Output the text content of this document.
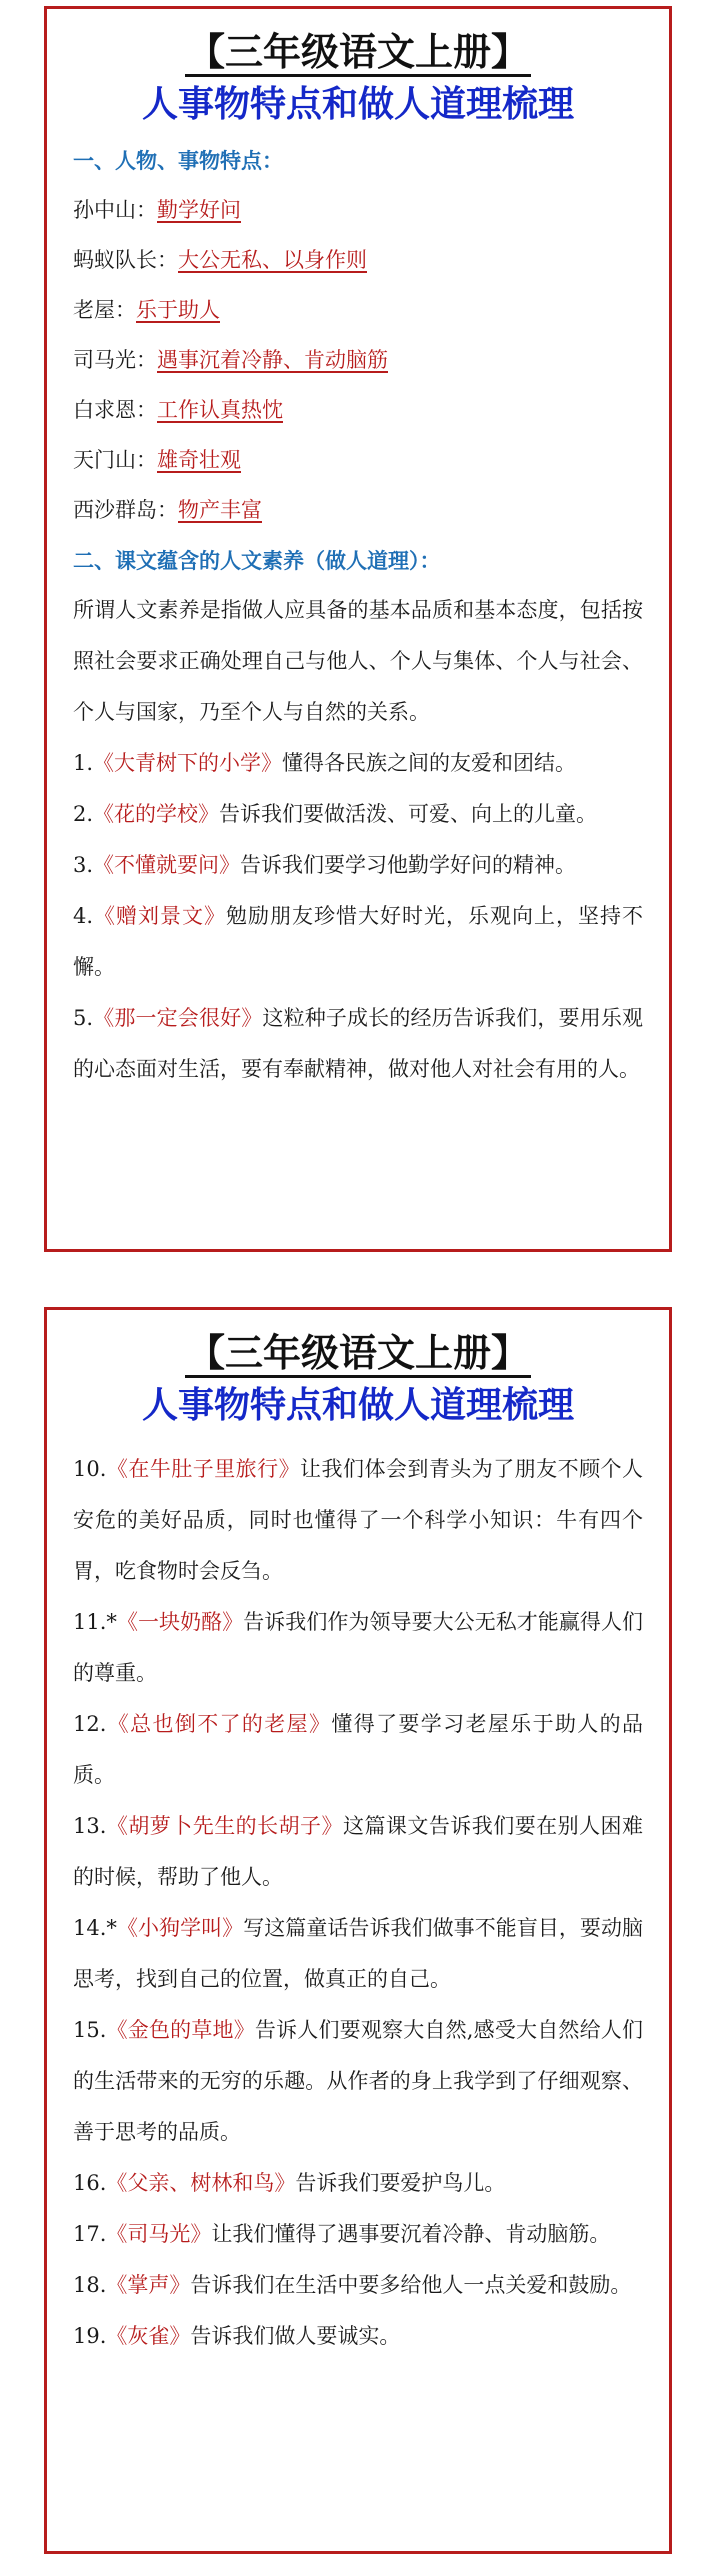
【三年级语文上册】
人事物特点和做人道理梳理
一、人物、事物特点：
孙中山：勤学好问
蚂蚁队长：大公无私、以身作则
老屋：乐于助人
司马光：遇事沉着冷静、肯动脑筋
白求恩：工作认真热忱
天门山：雄奇壮观
西沙群岛：物产丰富
二、课文蕴含的人文素养（做人道理）：

所谓人文素养是指做人应具备的基本品质和基本态度，包括按照社会要求正确处理自己与他人、个人与集体、个人与社会、个人与国家，乃至个人与自然的关系。

1.《大青树下的小学》懂得各民族之间的友爱和团结。

2.《花的学校》告诉我们要做活泼、可爱、向上的儿童。

3.《不懂就要问》告诉我们要学习他勤学好问的精神。

4.《赠刘景文》勉励朋友珍惜大好时光，乐观向上，坚持不懈。

5.《那一定会很好》这粒种子成长的经历告诉我们，要用乐观的心态面对生活，要有奉献精神，做对他人对社会有用的人。

【三年级语文上册】
人事物特点和做人道理梳理

10.《在牛肚子里旅行》让我们体会到青头为了朋友不顾个人安危的美好品质，同时也懂得了一个科学小知识：牛有四个胃，吃食物时会反刍。

11.*《一块奶酪》告诉我们作为领导要大公无私才能赢得人们的尊重。

12.《总也倒不了的老屋》懂得了要学习老屋乐于助人的品质。

13.《胡萝卜先生的长胡子》这篇课文告诉我们要在别人困难的时候，帮助了他人。

14.*《小狗学叫》写这篇童话告诉我们做事不能盲目，要动脑思考，找到自己的位置，做真正的自己。

15.《金色的草地》告诉人们要观察大自然,感受大自然给人们的生活带来的无穷的乐趣。从作者的身上我学到了仔细观察、善于思考的品质。

16.《父亲、树林和鸟》告诉我们要爱护鸟儿。

17.《司马光》让我们懂得了遇事要沉着冷静、肯动脑筋。

18.《掌声》告诉我们在生活中要多给他人一点关爱和鼓励。

19.《灰雀》告诉我们做人要诚实。
